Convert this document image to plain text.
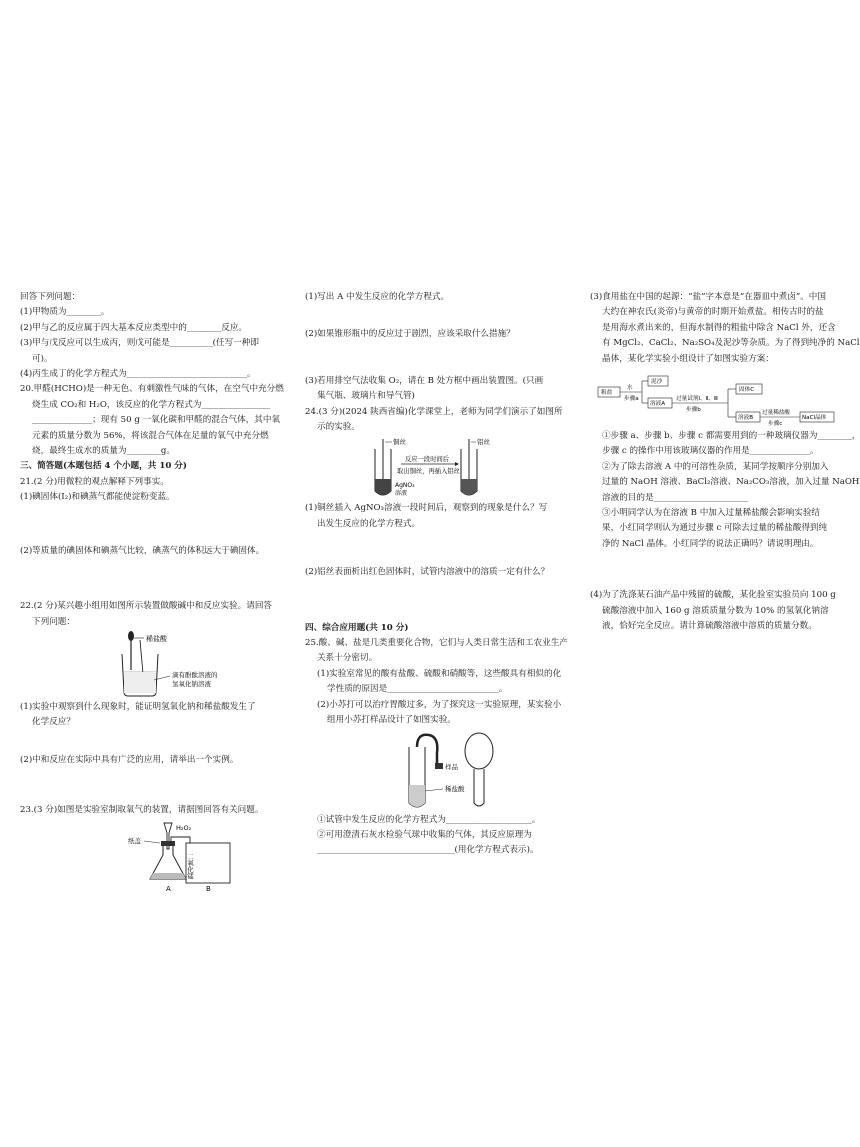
回答下列问题：
(1)甲物质为________。
(2)甲与乙的反应属于四大基本反应类型中的________反应。
(3)甲与戊反应可以生成丙，则戊可能是__________(任写一种即
可)。
(4)丙生成丁的化学方程式为____________________________。
20.甲醛(HCHO)是一种无色、有刺激性气味的气体，在空气中充分燃
烧生成 CO₂和 H₂O，该反应的化学方程式为________________
______________；现有 50 g 一氧化碳和甲醛的混合气体，其中氧
元素的质量分数为 56%，将该混合气体在足量的氧气中充分燃
烧，最终生成水的质量为________g。
三、简答题(本题包括 4 个小题，共 10 分)
21.(2 分)用微粒的观点解释下列事实。
(1)碘固体(I₂)和碘蒸气都能使淀粉变蓝。
(2)等质量的碘固体和碘蒸气比较，碘蒸气的体积远大于碘固体。
22.(2 分)某兴趣小组用如图所示装置做酸碱中和反应实验。请回答
下列问题：
稀盐酸
滴有酚酞溶液的
氢氧化钠溶液
(1)实验中观察到什么现象时，能证明氢氧化钠和稀盐酸发生了
化学反应？
(2)中和反应在实际中具有广泛的应用，请举出一个实例。
23.(3 分)如图是实验室制取氧气的装置，请据图回答有关问题。
H₂O₂
纸盖
二氧化锰
A	B
(1)写出 A 中发生反应的化学方程式。
(2)如果锥形瓶中的反应过于剧烈，应该采取什么措施？
(3)若用排空气法收集 O₂，请在 B 处方框中画出装置图。(只画
集气瓶、玻璃片和导气管)
24.(3 分)(2024 陕西省编)化学课堂上，老师为同学们演示了如图所
示的实验。
铜丝
AgNO₃
溶液
反应一段时间后
取出铜丝，再插入铝丝
铝丝
(1)铜丝插入 AgNO₃溶液一段时间后，观察到的现象是什么？写
出发生反应的化学方程式。
(2)铝丝表面析出红色固体时，试管内溶液中的溶质一定有什么？
四、综合应用题(共 10 分)
25.酸、碱、盐是几类重要化合物，它们与人类日常生活和工农业生产
关系十分密切。
(1)实验室常见的酸有盐酸、硫酸和硝酸等，这些酸具有相似的化
学性质的原因是__________________________。
(2)小苏打可以治疗胃酸过多，为了探究这一实验原理，某实验小
组用小苏打样品设计了如图实验。
样品
稀盐酸
①试管中发生反应的化学方程式为____________________。
②可用澄清石灰水检验气球中收集的气体，其反应原理为
________________________________(用化学方程式表示)。
(3)食用盐在中国的起源：“盐”字本意是“在器皿中煮卤”。中国
大约在神农氏(炎帝)与黄帝的时期开始煮盐。相传古时的盐
是用海水煮出来的，但海水制得的粗盐中除含 NaCl 外，还含
有 MgCl₂、CaCl₂、Na₂SO₄及泥沙等杂质。为了得到纯净的 NaCl
晶体，某化学实验小组设计了如图实验方案：
粗盐
水
步骤a
泥沙
溶液A
过量试剂Ⅰ、Ⅱ、Ⅲ
步骤b
固体C
溶液B
过量稀盐酸
步骤c
NaCl晶体
①步骤 a、步骤 b、步骤 c 都需要用到的一种玻璃仪器为________，
步骤 c 的操作中用该玻璃仪器的作用是______________。
②为了除去溶液 A 中的可溶性杂质，某同学按顺序分别加入
过量的 NaOH 溶液、BaCl₂溶液、Na₂CO₃溶液，加入过量 NaOH
溶液的目的是______________________
③小明同学认为在溶液 B 中加入过量稀盐酸会影响实验结
果，小红同学则认为通过步骤 c 可除去过量的稀盐酸得到纯
净的 NaCl 晶体。小红同学的说法正确吗？请说明理由。
(4)为了洗涤某石油产品中残留的硫酸，某化验室实验员向 100 g
硫酸溶液中加入 160 g 溶质质量分数为 10% 的氢氧化钠溶
液，恰好完全反应。请计算硫酸溶液中溶质的质量分数。
